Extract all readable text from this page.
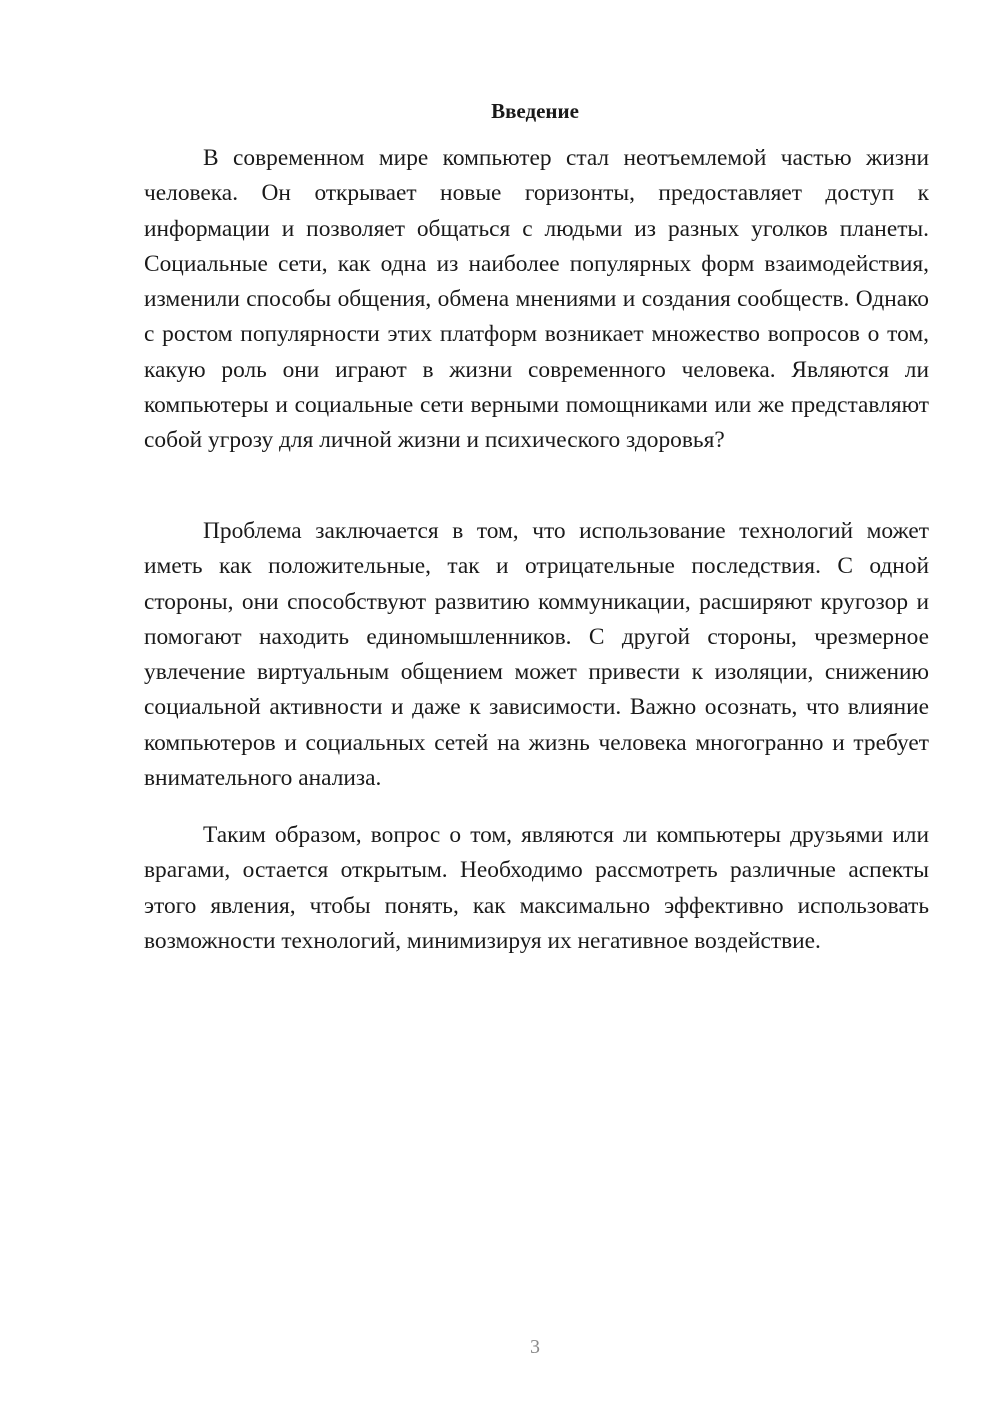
Введение

В современном мире компьютер стал неотъемлемой частью жизни человека. Он открывает новые горизонты, предоставляет доступ к информации и позволяет общаться с людьми из разных уголков планеты. Социальные сети, как одна из наиболее популярных форм взаимодействия, изменили способы общения, обмена мнениями и создания сообществ. Однако с ростом популярности этих платформ возникает множество вопросов о том, какую роль они играют в жизни современного человека. Являются ли компьютеры и социальные сети верными помощниками или же представляют собой угрозу для личной жизни и психического здоровья?

Проблема заключается в том, что использование технологий может иметь как положительные, так и отрицательные последствия. С одной стороны, они способствуют развитию коммуникации, расширяют кругозор и помогают находить единомышленников. С другой стороны, чрезмерное увлечение виртуальным общением может привести к изоляции, снижению социальной активности и даже к зависимости. Важно осознать, что влияние компьютеров и социальных сетей на жизнь человека многогранно и требует внимательного анализа.

Таким образом, вопрос о том, являются ли компьютеры друзьями или врагами, остается открытым. Необходимо рассмотреть различные аспекты этого явления, чтобы понять, как максимально эффективно использовать возможности технологий, минимизируя их негативное воздействие.

3
